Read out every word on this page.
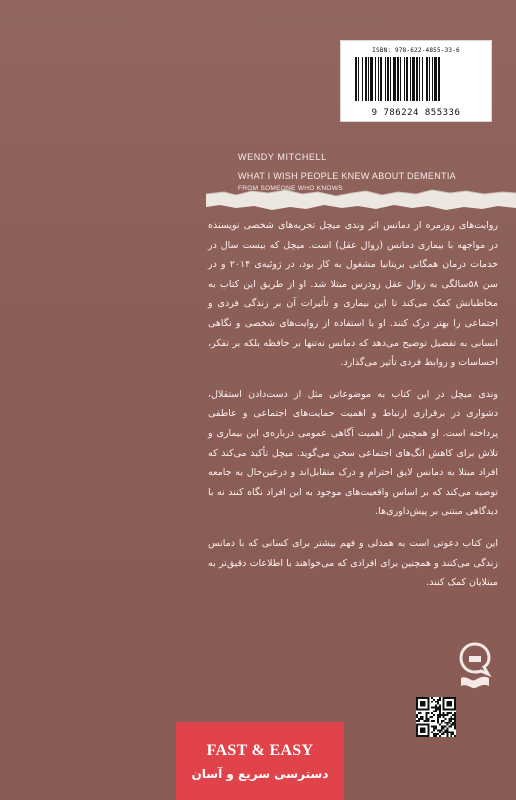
ISBN: 978-622-4855-33-6
9 786224 855336
WENDY MITCHELL
WHAT I WISH PEOPLE KNEW ABOUT DEMENTIA
FROM SOMEONE WHO KNOWS

روایت‌های روزمره از دمانس اثر وندی میچل تجربه‌های شخصی نویسنده در مواجهه با بیماری دمانس (زوال عقل) است. میچل که بیست سال در خدمات درمان همگانی بریتانیا مشغول به کار بود، در ژوئیه‌ی ۲۰۱۴ و در سن ۵۸سالگی به زوال عقل زودرس مبتلا شد. او از طریق این کتاب به مخاطبانش کمک می‌کند تا این بیماری و تأثیرات آن بر زندگی فردی و اجتماعی را بهتر درک کنند. او با استفاده از روایت‌های شخصی و نگاهی انسانی به تفصیل توضیح می‌دهد که دمانس نه‌تنها بر حافظه بلکه بر تفکر، احساسات و روابط فردی تأثیر می‌گذارد.

وندی میچل در این کتاب به موضوعاتی مثل از دست‌دادن استقلال، دشواری در برقراری ارتباط و اهمیت حمایت‌های اجتماعی و عاطفی پرداخته است. او همچنین از اهمیت آگاهی عمومی درباره‌ی این بیماری و تلاش برای کاهش انگ‌های اجتماعی سخن می‌گوید. میچل تأکید می‌کند که افراد مبتلا به دمانس لایق احترام و درک متقابل‌اند و درعین‌حال به جامعه توصیه می‌کند که بر اساس واقعیت‌های موجود به این افراد نگاه کنند نه با دیدگاهی مبتنی بر پیش‌داوری‌ها.

این کتاب دعوتی است به همدلی و فهم بیشتر برای کسانی که با دمانس زندگی می‌کنند و همچنین برای افرادی که می‌خواهند با اطلاعات دقیق‌تر به مبتلایان کمک کنند.

FAST & EASY
دسترسی سریع و آسان
